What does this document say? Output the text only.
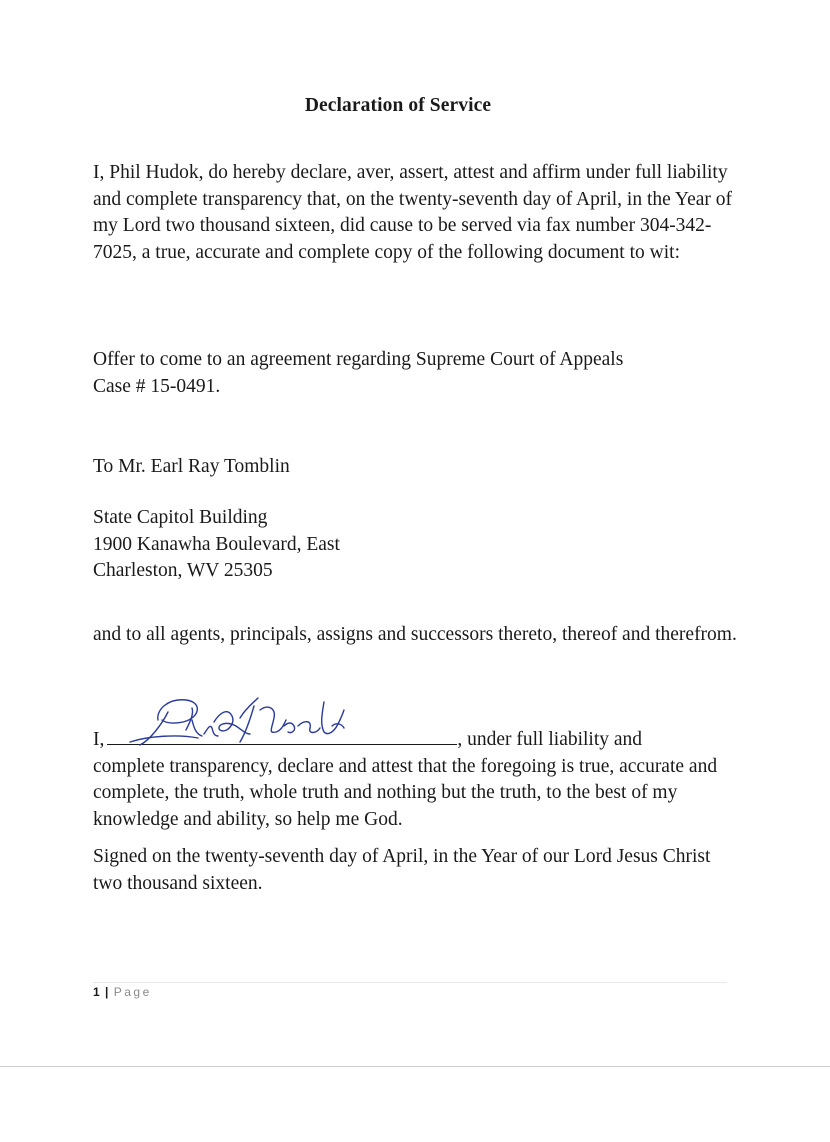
Declaration of Service

I, Phil Hudok, do hereby declare, aver, assert, attest and affirm under full liability and complete transparency that, on the twenty-seventh day of April, in the Year of my Lord two thousand sixteen, did cause to be served via fax number 304-342-7025, a true, accurate and complete copy of the following document to wit:

Offer to come to an agreement regarding Supreme Court of Appeals
Case # 15-0491.

To Mr. Earl Ray Tomblin

State Capitol Building
1900 Kanawha Boulevard, East
Charleston, WV 25305

and to all agents, principals, assigns and successors thereto, thereof and therefrom.

I,	, under full liability and
complete transparency, declare and attest that the foregoing is true, accurate and complete, the truth, whole truth and nothing but the truth, to the best of my knowledge and ability, so help me God.

Signed on the twenty-seventh day of April, in the Year of our Lord Jesus Christ two thousand sixteen.

1 | Page
